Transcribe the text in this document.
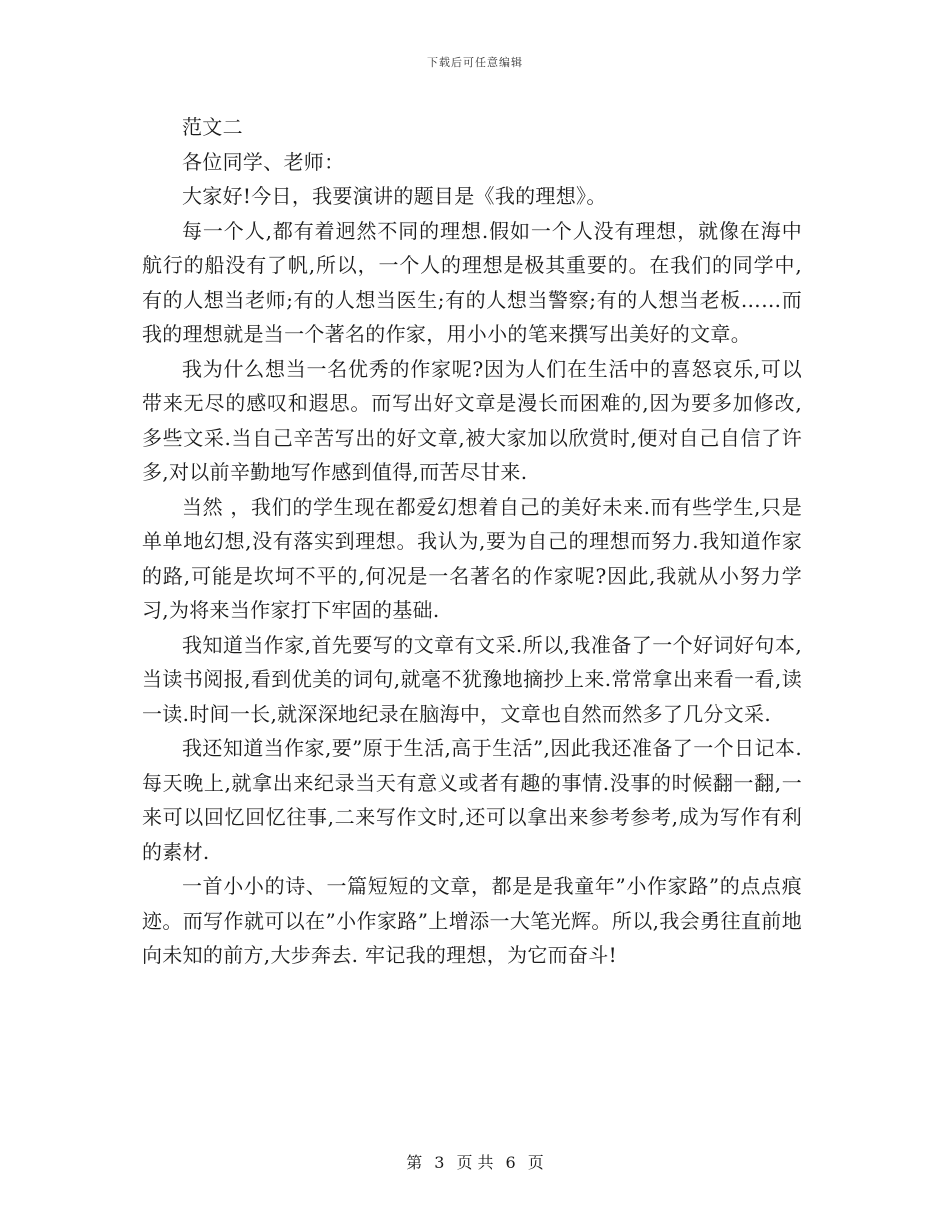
下载后可任意编辑

范文二

各位同学、老师：

大家好!今日，我要演讲的题目是《我的理想》。

每一个人,都有着迥然不同的理想.假如一个人没有理想，就像在海中航行的船没有了帆,所以，一个人的理想是极其重要的。在我们的同学中,有的人想当老师;有的人想当医生;有的人想当警察;有的人想当老板……而我的理想就是当一个著名的作家，用小小的笔来撰写出美好的文章。

我为什么想当一名优秀的作家呢?因为人们在生活中的喜怒哀乐,可以带来无尽的感叹和遐思。而写出好文章是漫长而困难的,因为要多加修改,多些文采.当自己辛苦写出的好文章,被大家加以欣赏时,便对自己自信了许多,对以前辛勤地写作感到值得,而苦尽甘来.

当然 ，我们的学生现在都爱幻想着自己的美好未来.而有些学生,只是单单地幻想,没有落实到理想。我认为,要为自己的理想而努力.我知道作家的路,可能是坎坷不平的,何况是一名著名的作家呢?因此,我就从小努力学习,为将来当作家打下牢固的基础.

我知道当作家,首先要写的文章有文采.所以,我准备了一个好词好句本,当读书阅报,看到优美的词句,就毫不犹豫地摘抄上来.常常拿出来看一看,读一读.时间一长,就深深地纪录在脑海中，文章也自然而然多了几分文采.

我还知道当作家,要”原于生活,高于生活”,因此我还准备了一个日记本.每天晚上,就拿出来纪录当天有意义或者有趣的事情.没事的时候翻一翻,一来可以回忆回忆往事,二来写作文时,还可以拿出来参考参考,成为写作有利的素材.

一首小小的诗、一篇短短的文章，都是是我童年”小作家路”的点点痕迹。而写作就可以在”小作家路”上增添一大笔光辉。所以,我会勇往直前地向未知的前方,大步奔去. 牢记我的理想，为它而奋斗!

第 3 页 共 6 页
